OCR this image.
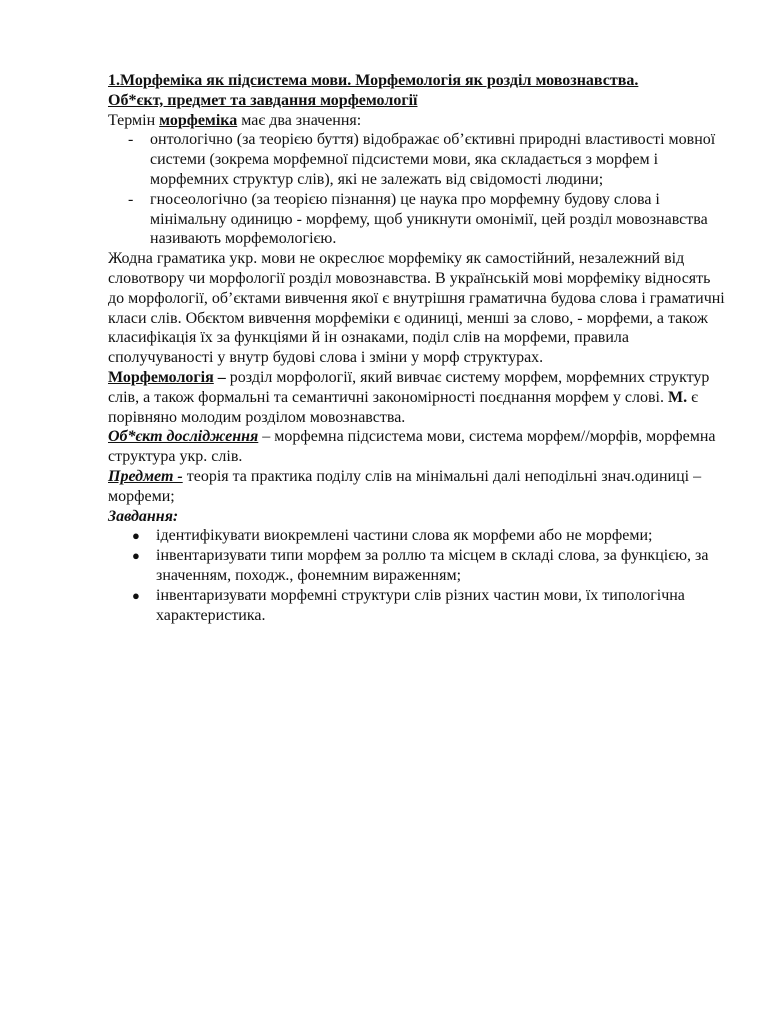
1.Морфеміка як підсистема мови. Морфемологія як розділ мовознавства.
Об*єкт, предмет та завдання морфемології
Термін морфеміка має два значення:
- онтологічно (за теорією буття) відображає об’єктивні природні властивості мовної системи (зокрема морфемної підсистеми мови, яка складається з морфем і морфемних структур слів), які не залежать від свідомості людини;
- гносеологічно (за теорією пізнання) це наука про морфемну будову слова і мінімальну одиницю - морфему, щоб уникнути омонімії, цей розділ мовознавства називають морфемологією.
Жодна граматика укр. мови не окреслює морфеміку як самостійний, незалежний від словотвору чи морфології розділ мовознавства. В українській мові морфеміку відносять до морфології, об’єктами вивчення якої є внутрішня граматична будова слова і граматичні класи слів. Обєктом вивчення морфеміки є одиниці, менші за слово, - морфеми, а також класифікація їх за функціями й ін ознаками, поділ слів на морфеми, правила сполучуваності у внутр будові слова і зміни у морф структурах.
Морфемологія – розділ морфології, який вивчає систему морфем, морфемних структур слів, а також формальні та семантичні закономірності поєднання морфем у слові. М. є порівняно молодим розділом мовознавства.
Об*єкт дослідження – морфемна підсистема мови, система морфем//морфів, морфемна структура укр. слів.
Предмет - теорія та практика поділу слів на мінімальні далі неподільні знач.одиниці – морфеми;
Завдання:
● ідентифікувати виокремлені частини слова як морфеми або не морфеми;
● інвентаризувати типи морфем за роллю та місцем в складі слова, за функцією, за значенням, походж., фонемним вираженням;
● інвентаризувати морфемні структури слів різних частин мови, їх типологічна характеристика.
